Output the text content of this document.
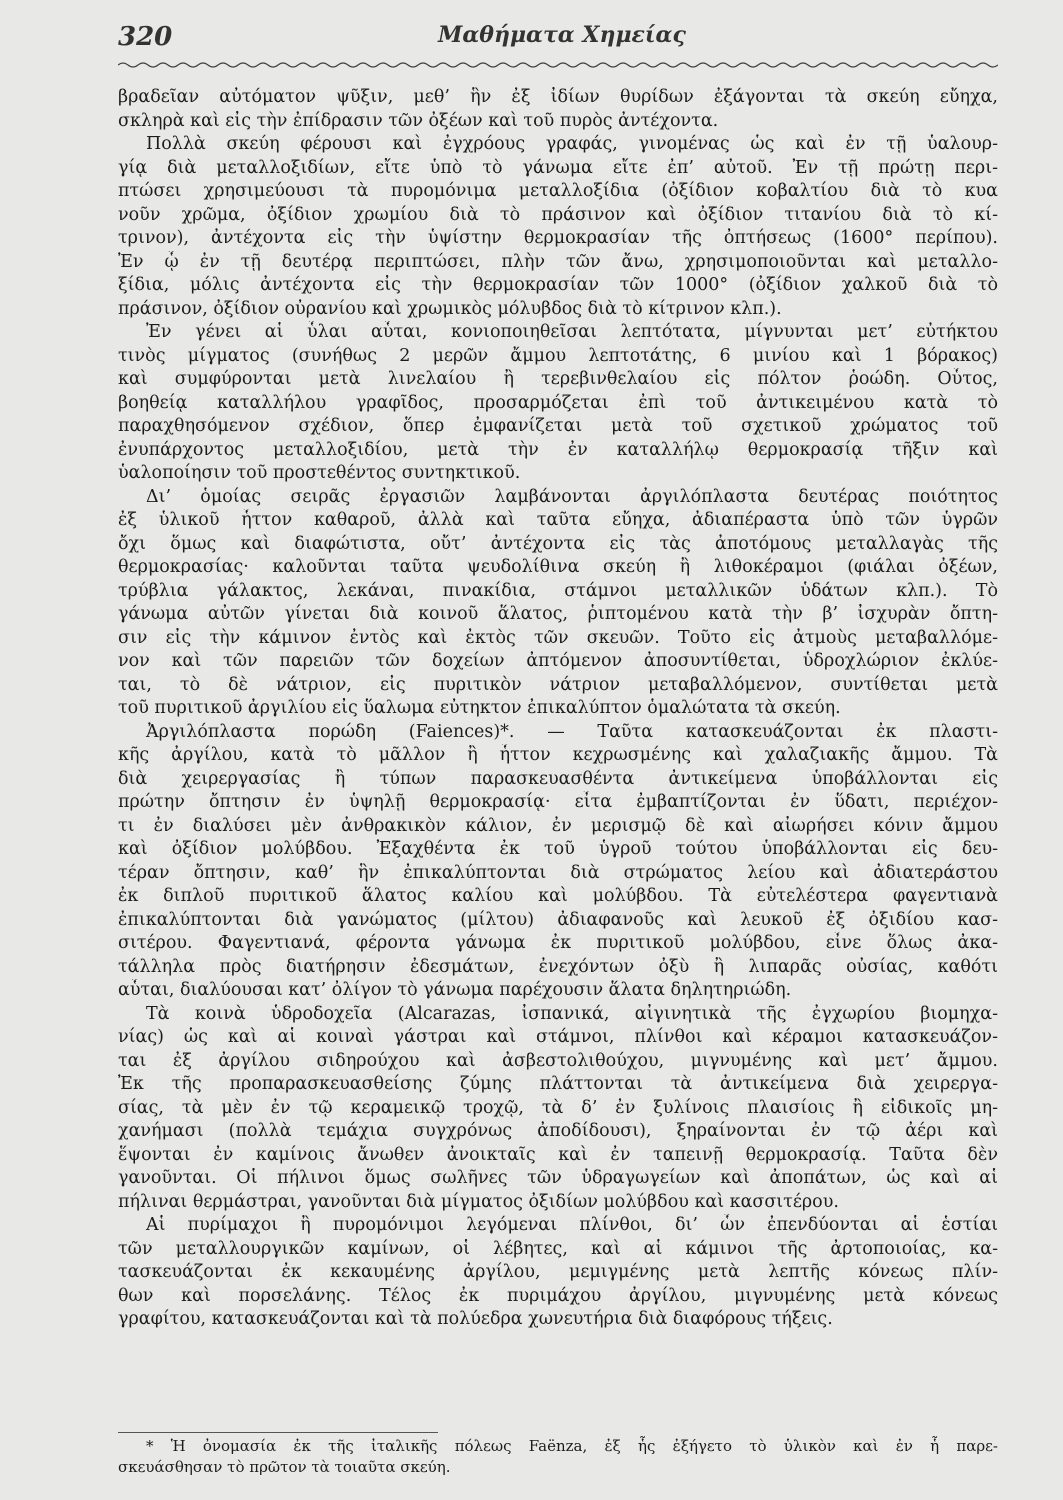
320	Μαθήματα Χημείας
βραδεῖαν αὐτόματον ψῦξιν, μεθ’ ἣν ἐξ ἰδίων θυρίδων ἐξάγονται τὰ σκεύη εὔηχα,
σκληρὰ καὶ εἰς τὴν ἐπίδρασιν τῶν ὀξέων καὶ τοῦ πυρὸς ἀντέχοντα.
Πολλὰ σκεύη φέρουσι καὶ ἐγχρόους γραφάς, γινομένας ὡς καὶ ἐν τῇ ὑαλουρ-
γίᾳ διὰ μεταλλοξιδίων, εἴτε ὑπὸ τὸ γάνωμα εἴτε ἐπ’ αὐτοῦ. Ἐν τῇ πρώτῃ περι-
πτώσει χρησιμεύουσι τὰ πυρομόνιμα μεταλλοξίδια (ὀξίδιον κοβαλτίου διὰ τὸ κυα
νοῦν χρῶμα, ὀξίδιον χρωμίου διὰ τὸ πράσινον καὶ ὀξίδιον τιτανίου διὰ τὸ κί-
τρινον), ἀντέχοντα εἰς τὴν ὑψίστην θερμοκρασίαν τῆς ὀπτήσεως (1600° περίπου).
Ἐν ᾧ ἐν τῇ δευτέρᾳ περιπτώσει, πλὴν τῶν ἄνω, χρησιμοποιοῦνται καὶ μεταλλο-
ξίδια, μόλις ἀντέχοντα εἰς τὴν θερμοκρασίαν τῶν 1000° (ὀξίδιον χαλκοῦ διὰ τὸ
πράσινον, ὀξίδιον οὐρανίου καὶ χρωμικὸς μόλυβδος διὰ τὸ κίτρινον κλπ.).
Ἐν γένει αἱ ὗλαι αὗται, κονιοποιηθεῖσαι λεπτότατα, μίγνυνται μετ’ εὐτήκτου
τινὸς μίγματος (συνήθως 2 μερῶν ἄμμου λεπτοτάτης, 6 μινίου καὶ 1 βόρακος)
καὶ συμφύρονται μετὰ λινελαίου ἢ τερεβινθελαίου εἰς πόλτον ῥοώδη. Οὗτος,
βοηθείᾳ καταλλήλου γραφῖδος, προσαρμόζεται ἐπὶ τοῦ ἀντικειμένου κατὰ τὸ
παραχθησόμενον σχέδιον, ὅπερ ἐμφανίζεται μετὰ τοῦ σχετικοῦ χρώματος τοῦ
ἐνυπάρχοντος μεταλλοξιδίου, μετὰ τὴν ἐν καταλλήλῳ θερμοκρασίᾳ τῆξιν καὶ
ὑαλοποίησιν τοῦ προστεθέντος συντηκτικοῦ.
Δι’ ὁμοίας σειρᾶς ἐργασιῶν λαμβάνονται ἀργιλόπλαστα δευτέρας ποιότητος
ἐξ ὑλικοῦ ἧττον καθαροῦ, ἀλλὰ καὶ ταῦτα εὔηχα, ἀδιαπέραστα ὑπὸ τῶν ὑγρῶν
ὄχι ὅμως καὶ διαφώτιστα, οὔτ’ ἀντέχοντα εἰς τὰς ἀποτόμους μεταλλαγὰς τῆς
θερμοκρασίας· καλοῦνται ταῦτα ψευδολίθινα σκεύη ἢ λιθοκέραμοι (φιάλαι ὀξέων,
τρύβλια γάλακτος, λεκάναι, πινακίδια, στάμνοι μεταλλικῶν ὑδάτων κλπ.). Τὸ
γάνωμα αὐτῶν γίνεται διὰ κοινοῦ ἅλατος, ῥιπτομένου κατὰ τὴν β’ ἰσχυρὰν ὄπτη-
σιν εἰς τὴν κάμινον ἐντὸς καὶ ἐκτὸς τῶν σκευῶν. Τοῦτο εἰς ἀτμοὺς μεταβαλλόμε-
νον καὶ τῶν παρειῶν τῶν δοχείων ἀπτόμενον ἀποσυντίθεται, ὑδροχλώριον ἐκλύε-
ται, τὸ δὲ νάτριον, εἰς πυριτικὸν νάτριον μεταβαλλόμενον, συντίθεται μετὰ
τοῦ πυριτικοῦ ἀργιλίου εἰς ὕαλωμα εὐτηκτον ἐπικαλύπτον ὁμαλώτατα τὰ σκεύη.
Ἀργιλόπλαστα πορώδη (Faiences)*. — Ταῦτα κατασκευάζονται ἐκ πλαστι-
κῆς ἀργίλου, κατὰ τὸ μᾶλλον ἢ ἧττον κεχρωσμένης καὶ χαλαζιακῆς ἄμμου. Τὰ
διὰ χειρεργασίας ἢ τύπων παρασκευασθέντα ἀντικείμενα ὑποβάλλονται εἰς
πρώτην ὄπτησιν ἐν ὑψηλῇ θερμοκρασίᾳ· εἶτα ἐμβαπτίζονται ἐν ὕδατι, περιέχον-
τι ἐν διαλύσει μὲν ἀνθρακικὸν κάλιον, ἐν μερισμῷ δὲ καὶ αἰωρήσει κόνιν ἄμμου
καὶ ὀξίδιον μολύβδου. Ἐξαχθέντα ἐκ τοῦ ὑγροῦ τούτου ὑποβάλλονται εἰς δευ-
τέραν ὄπτησιν, καθ’ ἣν ἐπικαλύπτονται διὰ στρώματος λείου καὶ ἀδιατεράστου
ἐκ διπλοῦ πυριτικοῦ ἅλατος καλίου καὶ μολύβδου. Τὰ εὐτελέστερα φαγεντιανὰ
ἐπικαλύπτονται διὰ γανώματος (μίλτου) ἀδιαφανοῦς καὶ λευκοῦ ἐξ ὀξιδίου κασ-
σιτέρου. Φαγεντιανά, φέροντα γάνωμα ἐκ πυριτικοῦ μολύβδου, εἶνε ὅλως ἀκα-
τάλληλα πρὸς διατήρησιν ἐδεσμάτων, ἐνεχόντων ὀξὺ ἢ λιπαρᾶς οὐσίας, καθότι
αὗται, διαλύουσαι κατ’ ὀλίγον τὸ γάνωμα παρέχουσιν ἅλατα δηλητηριώδη.
Τὰ κοινὰ ὑδροδοχεῖα (Alcarazas, ἰσπανικά, αἰγινητικὰ τῆς ἐγχωρίου βιομηχα-
νίας) ὡς καὶ αἱ κοιναὶ γάστραι καὶ στάμνοι, πλίνθοι καὶ κέραμοι κατασκευάζον-
ται ἐξ ἀργίλου σιδηρούχου καὶ ἀσβεστολιθούχου, μιγνυμένης καὶ μετ’ ἄμμου.
Ἐκ τῆς προπαρασκευασθείσης ζύμης πλάττονται τὰ ἀντικείμενα διὰ χειρεργα-
σίας, τὰ μὲν ἐν τῷ κεραμεικῷ τροχῷ, τὰ δ’ ἐν ξυλίνοις πλαισίοις ἢ εἰδικοῖς μη-
χανήμασι (πολλὰ τεμάχια συγχρόνως ἀποδίδουσι), ξηραίνονται ἐν τῷ ἀέρι καὶ
ἕψονται ἐν καμίνοις ἄνωθεν ἀνοικταῖς καὶ ἐν ταπεινῇ θερμοκρασίᾳ. Ταῦτα δὲν
γανοῦνται. Οἱ πήλινοι ὅμως σωλῆνες τῶν ὑδραγωγείων καὶ ἀποπάτων, ὡς καὶ αἱ
πήλιναι θερμάστραι, γανοῦνται διὰ μίγματος ὀξιδίων μολύβδου καὶ κασσιτέρου.
Αἱ πυρίμαχοι ἢ πυρομόνιμοι λεγόμεναι πλίνθοι, δι’ ὧν ἐπενδύονται αἱ ἑστίαι
τῶν μεταλλουργικῶν καμίνων, οἱ λέβητες, καὶ αἱ κάμινοι τῆς ἀρτοποιοίας, κα-
τασκευάζονται ἐκ κεκαυμένης ἀργίλου, μεμιγμένης μετὰ λεπτῆς κόνεως πλίν-
θων καὶ πορσελάνης. Τέλος ἐκ πυριμάχου ἀργίλου, μιγνυμένης μετὰ κόνεως
γραφίτου, κατασκευάζονται καὶ τὰ πολύεδρα χωνευτήρια διὰ διαφόρους τήξεις.
* Ἡ ὀνομασία ἐκ τῆς ἰταλικῆς πόλεως Faënza, ἐξ ἧς ἐξήγετο τὸ ὑλικὸν καὶ ἐν ἧ παρε-
σκευάσθησαν τὸ πρῶτον τὰ τοιαῦτα σκεύη.
